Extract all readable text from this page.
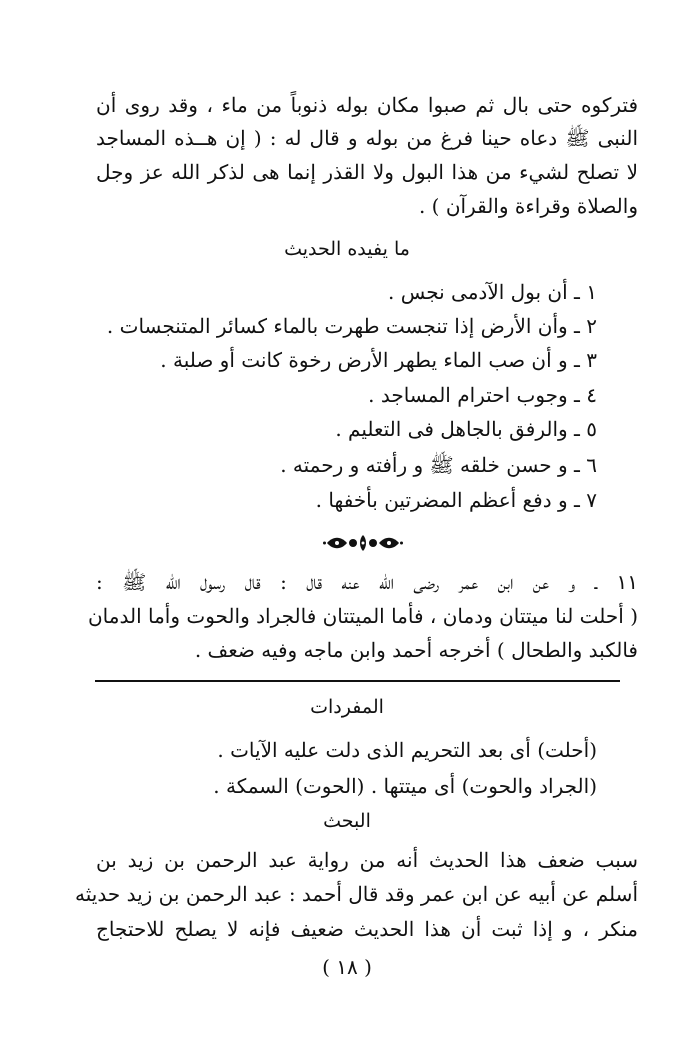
فتركوه حتى بال ثم صبوا مكان بوله ذنوباً من ماء ، وقد روى أن
النبى ﷺ دعاه حينا فرغ من بوله و قال له : ( إن هــذه المساجد
لا تصلح لشيء من هذا البول ولا القذر إنما هى لذكر الله عز وجل
والصلاة وقراءة والقرآن ) .
ما يفيده الحديث
١ ـ أن بول الآدمى نجس .
٢ ـ وأن الأرض إذا تنجست طهرت بالماء كسائر المتنجسات .
٣ ـ و أن صب الماء يطهر الأرض رخوة كانت أو صلبة .
٤ ـ وجوب احترام المساجد .
٥ ـ والرفق بالجاهل فى التعليم .
٦ ـ و حسن خلقه ﷺ و رأفته و رحمته .
٧ ـ و دفع أعظم المضرتين بأخفها .
١١ ـ و عن ابن عمر رضى الله عنه قال : قال رسول الله ﷺ :
( أحلت لنا ميتتان ودمان ، فأما الميتتان فالجراد والحوت وأما الدمان
فالكبد والطحال ) أخرجه أحمد وابن ماجه وفيه ضعف .
المفردات
(أحلت) أى بعد التحريم الذى دلت عليه الآيات .
(الجراد والحوت) أى ميتتها . (الحوت) السمكة .
البحث
سبب ضعف هذا الحديث أنه من رواية عبد الرحمن بن زيد بن
أسلم عن أبيه عن ابن عمر وقد قال أحمد : عبد الرحمن بن زيد حديثه
منكر ، و إذا ثبت أن هذا الحديث ضعيف فإنه لا يصلح للاحتجاج
( ١٨ )
